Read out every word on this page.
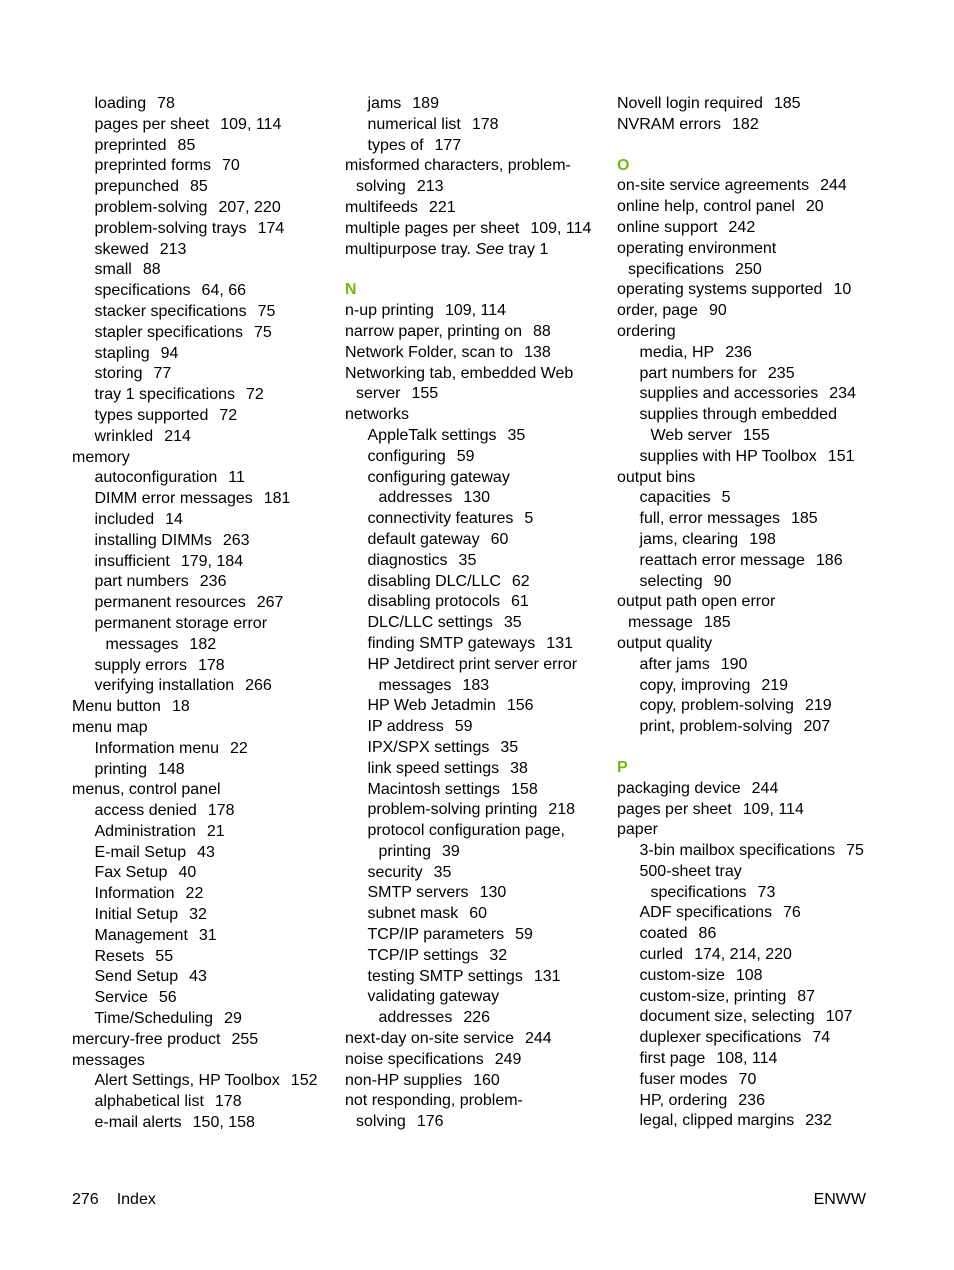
loading 78
pages per sheet 109, 114
preprinted 85
preprinted forms 70
prepunched 85
problem-solving 207, 220
problem-solving trays 174
skewed 213
small 88
specifications 64, 66
stacker specifications 75
stapler specifications 75
stapling 94
storing 77
tray 1 specifications 72
types supported 72
wrinkled 214
memory
autoconfiguration 11
DIMM error messages 181
included 14
installing DIMMs 263
insufficient 179, 184
part numbers 236
permanent resources 267
permanent storage error
messages 182
supply errors 178
verifying installation 266
Menu button 18
menu map
Information menu 22
printing 148
menus, control panel
access denied 178
Administration 21
E-mail Setup 43
Fax Setup 40
Information 22
Initial Setup 32
Management 31
Resets 55
Send Setup 43
Service 56
Time/Scheduling 29
mercury-free product 255
messages
Alert Settings, HP Toolbox 152
alphabetical list 178
e-mail alerts 150, 158
jams 189
numerical list 178
types of 177
misformed characters, problem-
solving 213
multifeeds 221
multiple pages per sheet 109, 114
multipurpose tray. See tray 1
N
n-up printing 109, 114
narrow paper, printing on 88
Network Folder, scan to 138
Networking tab, embedded Web
server 155
networks
AppleTalk settings 35
configuring 59
configuring gateway
addresses 130
connectivity features 5
default gateway 60
diagnostics 35
disabling DLC/LLC 62
disabling protocols 61
DLC/LLC settings 35
finding SMTP gateways 131
HP Jetdirect print server error
messages 183
HP Web Jetadmin 156
IP address 59
IPX/SPX settings 35
link speed settings 38
Macintosh settings 158
problem-solving printing 218
protocol configuration page,
printing 39
security 35
SMTP servers 130
subnet mask 60
TCP/IP parameters 59
TCP/IP settings 32
testing SMTP settings 131
validating gateway
addresses 226
next-day on-site service 244
noise specifications 249
non-HP supplies 160
not responding, problem-
solving 176
Novell login required 185
NVRAM errors 182
O
on-site service agreements 244
online help, control panel 20
online support 242
operating environment
specifications 250
operating systems supported 10
order, page 90
ordering
media, HP 236
part numbers for 235
supplies and accessories 234
supplies through embedded
Web server 155
supplies with HP Toolbox 151
output bins
capacities 5
full, error messages 185
jams, clearing 198
reattach error message 186
selecting 90
output path open error
message 185
output quality
after jams 190
copy, improving 219
copy, problem-solving 219
print, problem-solving 207
P
packaging device 244
pages per sheet 109, 114
paper
3-bin mailbox specifications 75
500-sheet tray
specifications 73
ADF specifications 76
coated 86
curled 174, 214, 220
custom-size 108
custom-size, printing 87
document size, selecting 107
duplexer specifications 74
first page 108, 114
fuser modes 70
HP, ordering 236
legal, clipped margins 232
276 Index	ENWW
